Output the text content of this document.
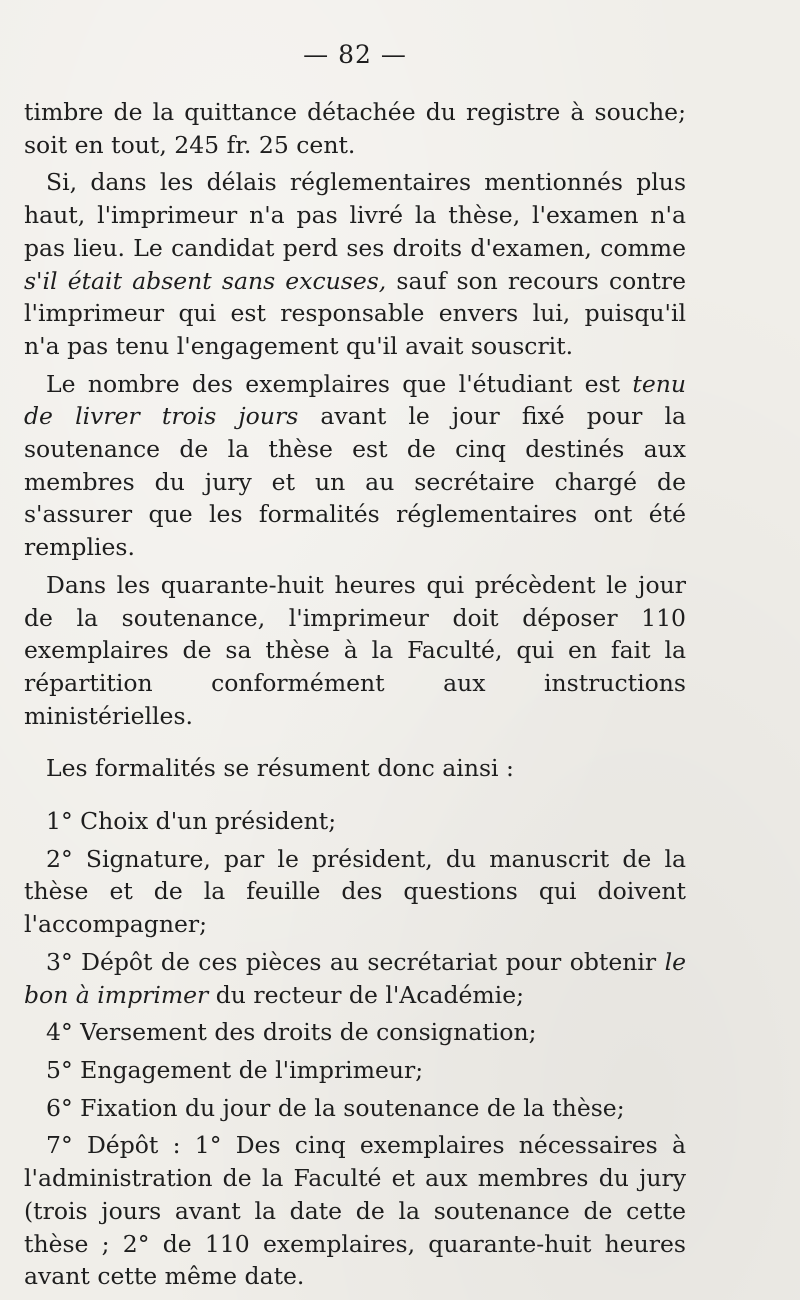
— 82 —

timbre de la quittance détachée du registre à souche; soit en tout, 245 fr. 25 cent.

Si, dans les délais réglementaires mentionnés plus haut, l'imprimeur n'a pas livré la thèse, l'examen n'a pas lieu. Le candidat perd ses droits d'examen, comme s'il était absent sans excuses, sauf son recours contre l'imprimeur qui est responsable envers lui, puisqu'il n'a pas tenu l'engagement qu'il avait souscrit.

Le nombre des exemplaires que l'étudiant est tenu de livrer trois jours avant le jour fixé pour la soutenance de la thèse est de cinq destinés aux membres du jury et un au secrétaire chargé de s'assurer que les formalités réglementaires ont été remplies.

Dans les quarante-huit heures qui précèdent le jour de la soutenance, l'imprimeur doit déposer 110 exemplaires de sa thèse à la Faculté, qui en fait la répartition conformément aux instructions ministérielles.

Les formalités se résument donc ainsi :

1° Choix d'un président;

2° Signature, par le président, du manuscrit de la thèse et de la feuille des questions qui doivent l'accompagner;

3° Dépôt de ces pièces au secrétariat pour obtenir le bon à imprimer du recteur de l'Académie;

4° Versement des droits de consignation;

5° Engagement de l'imprimeur;

6° Fixation du jour de la soutenance de la thèse;

7° Dépôt : 1° Des cinq exemplaires nécessaires à l'administration de la Faculté et aux membres du jury (trois jours avant la date de la soutenance de cette thèse ; 2° de 110 exemplaires, quarante-huit heures avant cette même date.
